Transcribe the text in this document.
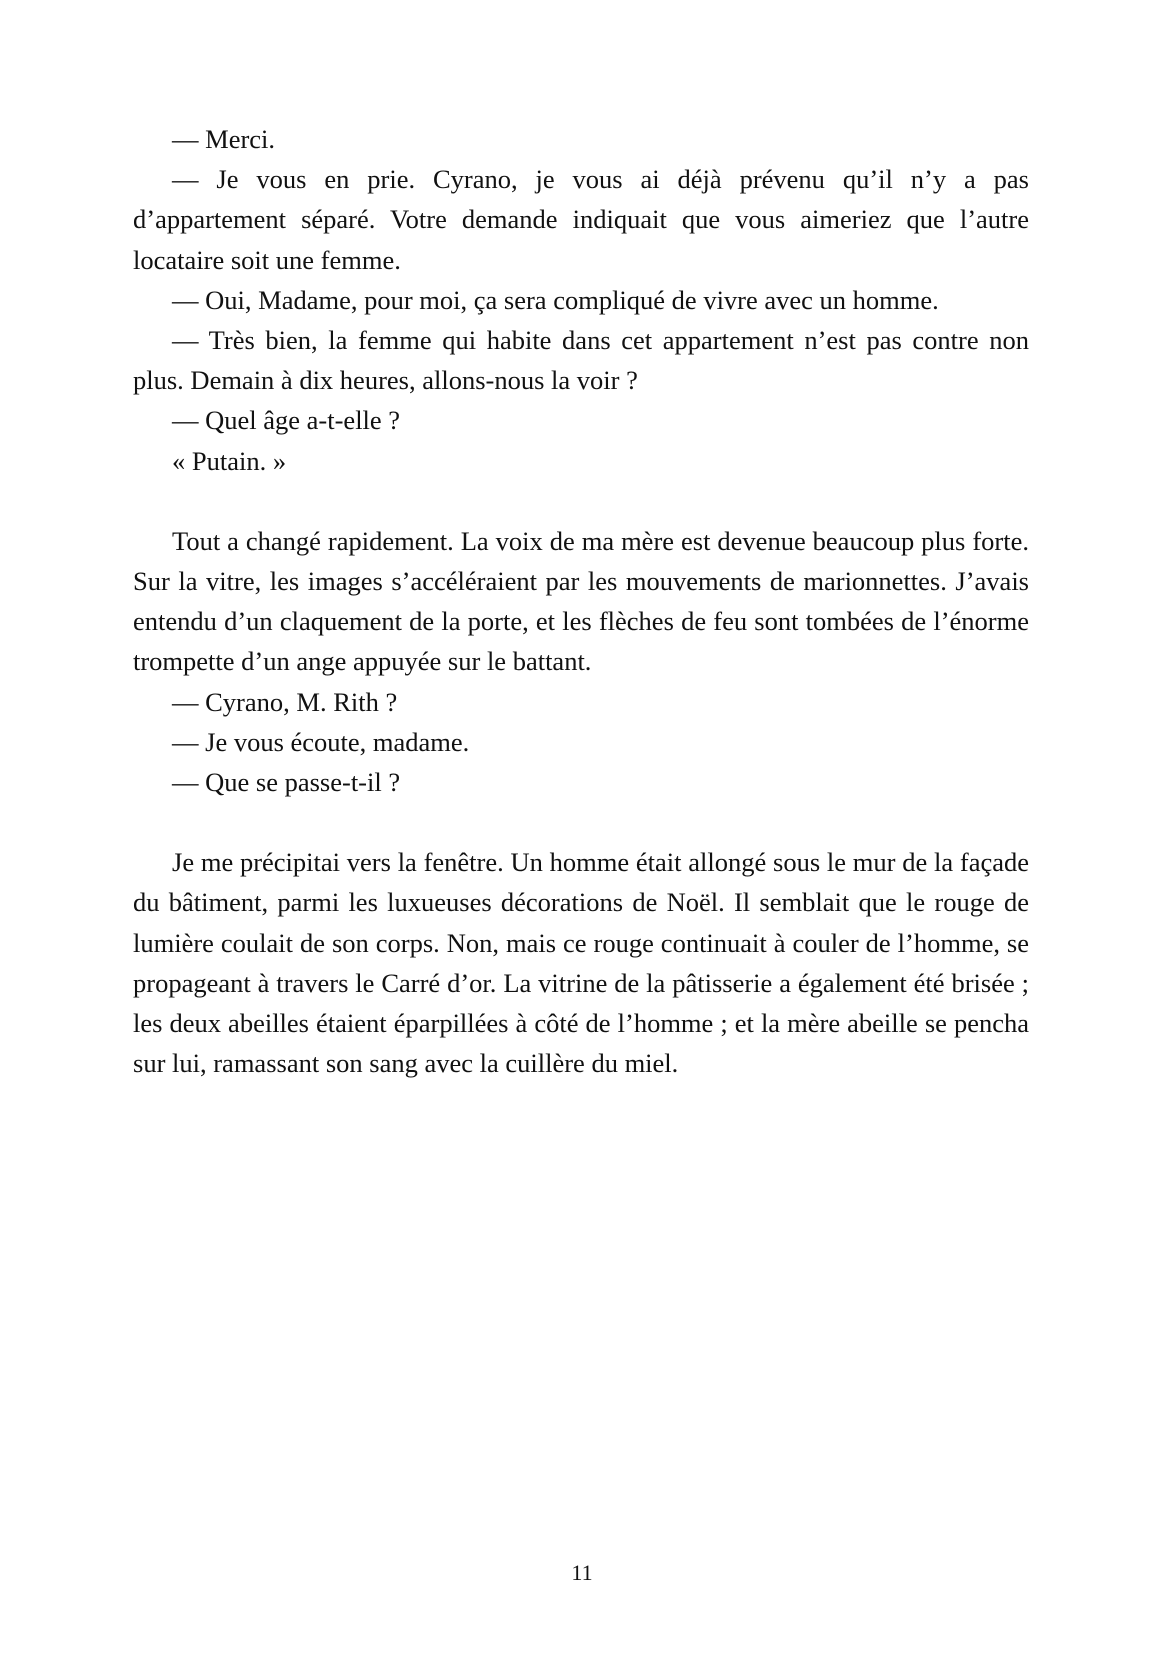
— Merci.

— Je vous en prie. Cyrano, je vous ai déjà prévenu qu’il n’y a pas d’appartement séparé. Votre demande indiquait que vous aimeriez que l’autre locataire soit une femme.

— Oui, Madame, pour moi, ça sera compliqué de vivre avec un homme.

— Très bien, la femme qui habite dans cet appartement n’est pas contre non plus. Demain à dix heures, allons-nous la voir ?

— Quel âge a-t-elle ?

« Putain. »

Tout a changé rapidement. La voix de ma mère est devenue beaucoup plus forte. Sur la vitre, les images s’accéléraient par les mouvements de marionnettes. J’avais entendu d’un claquement de la porte, et les flèches de feu sont tombées de l’énorme trompette d’un ange appuyée sur le battant.

— Cyrano, M. Rith ?

— Je vous écoute, madame.

— Que se passe-t-il ?

Je me précipitai vers la fenêtre. Un homme était allongé sous le mur de la façade du bâtiment, parmi les luxueuses décorations de Noël. Il semblait que le rouge de lumière coulait de son corps. Non, mais ce rouge continuait à couler de l’homme, se propageant à travers le Carré d’or. La vitrine de la pâtisserie a également été brisée ; les deux abeilles étaient éparpillées à côté de l’homme ; et la mère abeille se pencha sur lui, ramassant son sang avec la cuillère du miel.

11
